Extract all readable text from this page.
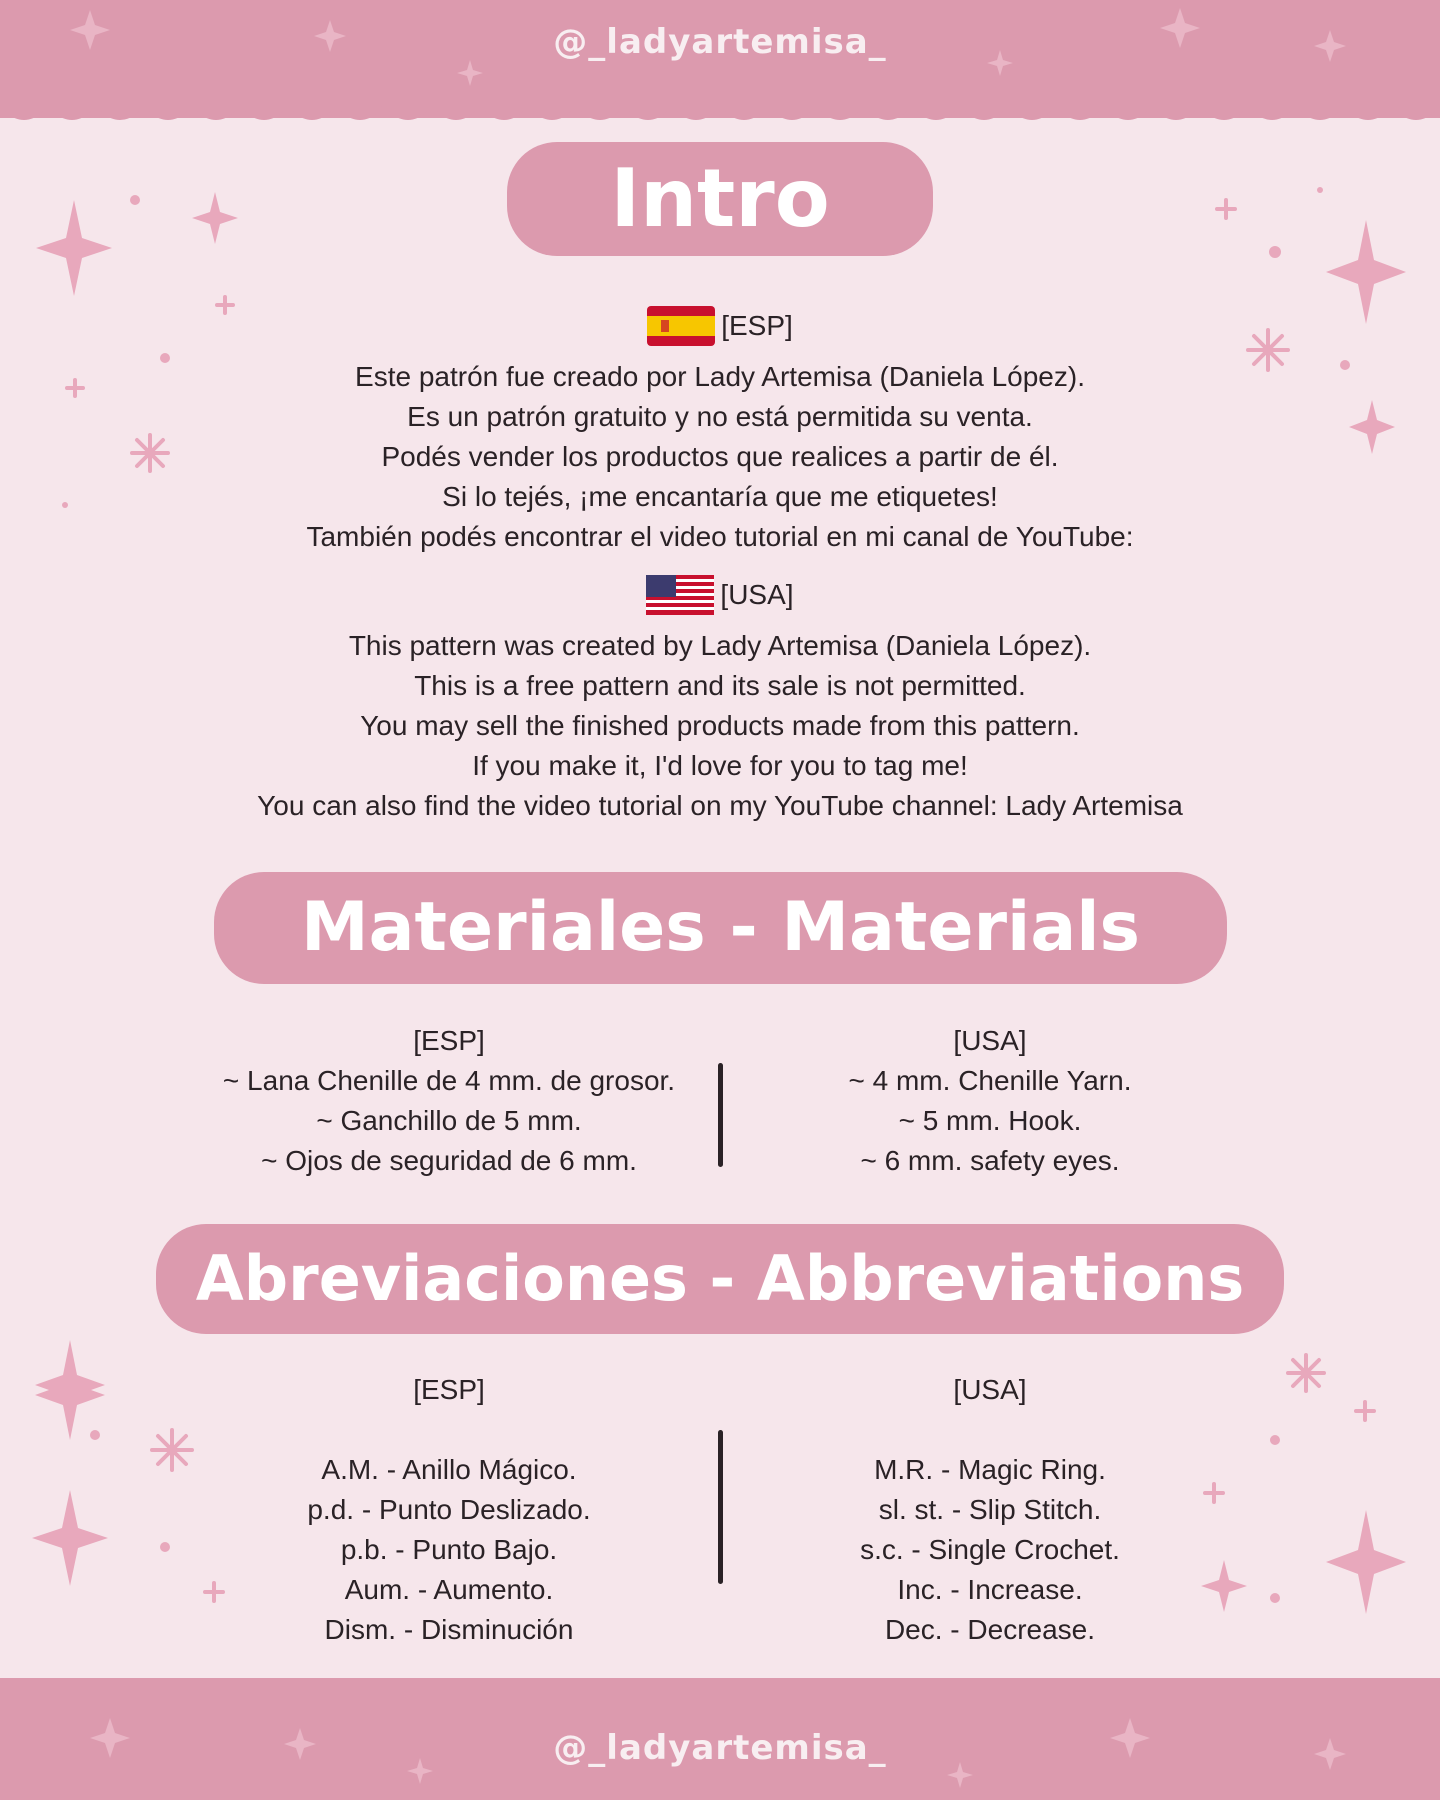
@_ladyartemisa_
Intro
[ESP]
Este patrón fue creado por Lady Artemisa (Daniela López).
Es un patrón gratuito y no está permitida su venta.
Podés vender los productos que realices a partir de él.
Si lo tejés, ¡me encantaría que me etiquetes!
También podés encontrar el video tutorial en mi canal de YouTube:
[USA]
This pattern was created by Lady Artemisa (Daniela López).
This is a free pattern and its sale is not permitted.
You may sell the finished products made from this pattern.
If you make it, I'd love for you to tag me!
You can also find the video tutorial on my YouTube channel: Lady Artemisa
Materiales - Materials
[ESP]
~ Lana Chenille de 4 mm. de grosor.
~ Ganchillo de 5 mm.
~ Ojos de seguridad de 6 mm.
[USA]
~ 4 mm. Chenille Yarn.
~ 5 mm. Hook.
~ 6 mm. safety eyes.
Abreviaciones - Abbreviations
[ESP]
A.M. - Anillo Mágico.
p.d. - Punto Deslizado.
p.b. - Punto Bajo.
Aum. - Aumento.
Dism. - Disminución
[USA]
M.R. - Magic Ring.
sl. st. - Slip Stitch.
s.c. - Single Crochet.
Inc. - Increase.
Dec. - Decrease.
@_ladyartemisa_
